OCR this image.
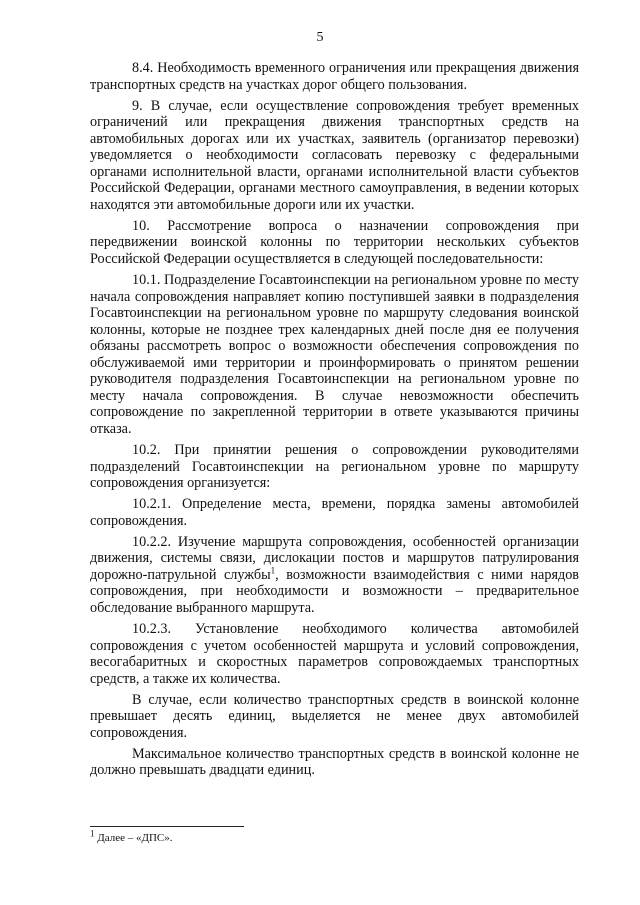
5

8.4. Необходимость временного ограничения или прекращения движения транспортных средств на участках дорог общего пользования.

9. В случае, если осуществление сопровождения требует временных ограничений или прекращения движения транспортных средств на автомобильных дорогах или их участках, заявитель (организатор перевозки) уведомляется о необходимости согласовать перевозку с федеральными органами исполнительной власти, органами исполнительной власти субъектов Российской Федерации, органами местного самоуправления, в ведении которых находятся эти автомобильные дороги или их участки.

10. Рассмотрение вопроса о назначении сопровождения при передвижении воинской колонны по территории нескольких субъектов Российской Федерации осуществляется в следующей последовательности:

10.1. Подразделение Госавтоинспекции на региональном уровне по месту начала сопровождения направляет копию поступившей заявки в подразделения Госавтоинспекции на региональном уровне по маршруту следования воинской колонны, которые не позднее трех календарных дней после дня ее получения обязаны рассмотреть вопрос о возможности обеспечения сопровождения по обслуживаемой ими территории и проинформировать о принятом решении руководителя подразделения Госавтоинспекции на региональном уровне по месту начала сопровождения. В случае невозможности обеспечить сопровождение по закрепленной территории в ответе указываются причины отказа.

10.2. При принятии решения о сопровождении руководителями подразделений Госавтоинспекции на региональном уровне по маршруту сопровождения организуется:

10.2.1. Определение места, времени, порядка замены автомобилей сопровождения.

10.2.2. Изучение маршрута сопровождения, особенностей организации движения, системы связи, дислокации постов и маршрутов патрулирования дорожно-патрульной службы$^1$, возможности взаимодействия с ними нарядов сопровождения, при необходимости и возможности – предварительное обследование выбранного маршрута.

10.2.3. Установление необходимого количества автомобилей сопровождения с учетом особенностей маршрута и условий сопровождения, весогабаритных и скоростных параметров сопровождаемых транспортных средств, а также их количества.

В случае, если количество транспортных средств в воинской колонне превышает десять единиц, выделяется не менее двух автомобилей сопровождения.

Максимальное количество транспортных средств в воинской колонне не должно превышать двадцати единиц.

$^1$ Далее – «ДПС».
